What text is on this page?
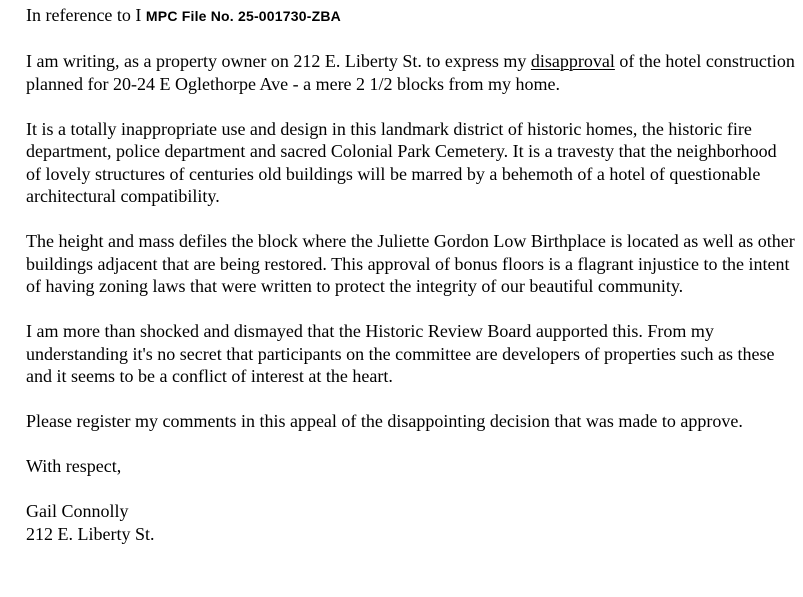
In reference to I MPC File No. 25-001730-ZBA

I am writing, as a property owner on 212 E. Liberty St. to express my disapproval of the hotel construction planned for 20-24 E Oglethorpe Ave - a mere 2 1/2 blocks from my home.

It is a totally inappropriate use and design in this landmark district of historic homes, the historic fire department, police department and sacred Colonial Park Cemetery. It is a travesty that the neighborhood of lovely structures of centuries old buildings will be marred by a behemoth of a hotel of questionable architectural compatibility.

The height and mass defiles the block where the Juliette Gordon Low Birthplace is located as well as other buildings adjacent that are being restored. This approval of bonus floors is a flagrant injustice to the intent of having zoning laws that were written to protect the integrity of our beautiful community.

I am more than shocked and dismayed that the Historic Review Board aupported this. From my understanding it's no secret that participants on the committee are developers of properties such as these and it seems to be a conflict of interest at the heart.

Please register my comments in this appeal of the disappointing decision that was made to approve.

With respect,

Gail Connolly

212 E. Liberty St.
